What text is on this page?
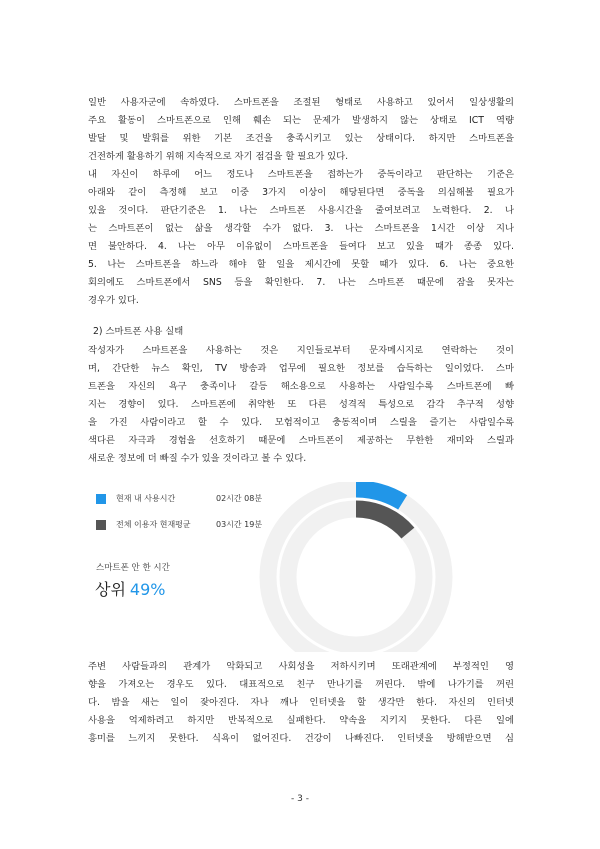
일반 사용자군에 속하였다. 스마트폰을 조절된 형태로 사용하고 있어서 일상생활의
주요 활동이 스마트폰으로 인해 훼손 되는 문제가 발생하지 않는 상태로 ICT 역량
발달 및 발휘를 위한 기본 조건을 충족시키고 있는 상태이다. 하지만 스마트폰을
건전하게 활용하기 위해 지속적으로 자기 점검을 할 필요가 있다.
내 자신이 하루에 어느 정도나 스마트폰을 접하는가 중독이라고 판단하는 기준은
아래와 같이 측정해 보고 이중 3가지 이상이 해당된다면 중독을 의심해볼 필요가
있을 것이다. 판단기준은 1. 나는 스마트폰 사용시간을 줄여보려고 노력한다. 2. 나
는 스마트폰이 없는 삶을 생각할 수가 없다. 3. 나는 스마트폰을 1시간 이상 지나
면 불안하다. 4. 나는 아무 이유없이 스마트폰을 들여다 보고 있을 때가 종종 있다.
5. 나는 스마트폰을 하느라 해야 할 일을 제시간에 못할 때가 있다. 6. 나는 중요한
회의에도 스마트폰에서 SNS 등을 확인한다. 7. 나는 스마트폰 때문에 잠을 못자는
경우가 있다.
2) 스마트폰 사용 실태
작성자가 스마트폰을 사용하는 것은 지인들로부터 문자메시지로 연락하는 것이
며, 간단한 뉴스 확인, TV 방송과 업무에 필요한 정보를 습득하는 일이었다. 스마
트폰을 자신의 욕구 충족이나 갈등 해소용으로 사용하는 사람일수록 스마트폰에 빠
지는 경향이 있다. 스마트폰에 취약한 또 다른 성격적 특성으로 감각 추구적 성향
을 가진 사람이라고 할 수 있다. 모험적이고 충동적이며 스릴을 즐기는 사람일수록
색다른 자극과 경험을 선호하기 때문에 스마트폰이 제공하는 무한한 재미와 스릴과
새로운 정보에 더 빠질 수가 있을 것이라고 볼 수 있다.
현재 내 사용시간	02시간 08분
전체 이용자 현재평균	03시간 19분
스마트폰 안 한 시간
상위 49%
주변 사람들과의 관계가 악화되고 사회성을 저하시키며 또래관계에 부정적인 영
향을 가져오는 경우도 있다. 대표적으로 친구 만나기를 꺼린다. 밖에 나가기를 꺼린
다. 밤을 새는 일이 잦아진다. 자나 깨나 인터넷을 할 생각만 한다. 자신의 인터넷
사용을 억제하려고 하지만 반복적으로 실패한다. 약속을 지키지 못한다. 다른 일에
흥미를 느끼지 못한다. 식욕이 없어진다. 건강이 나빠진다. 인터넷을 방해받으면 심
- 3 -
